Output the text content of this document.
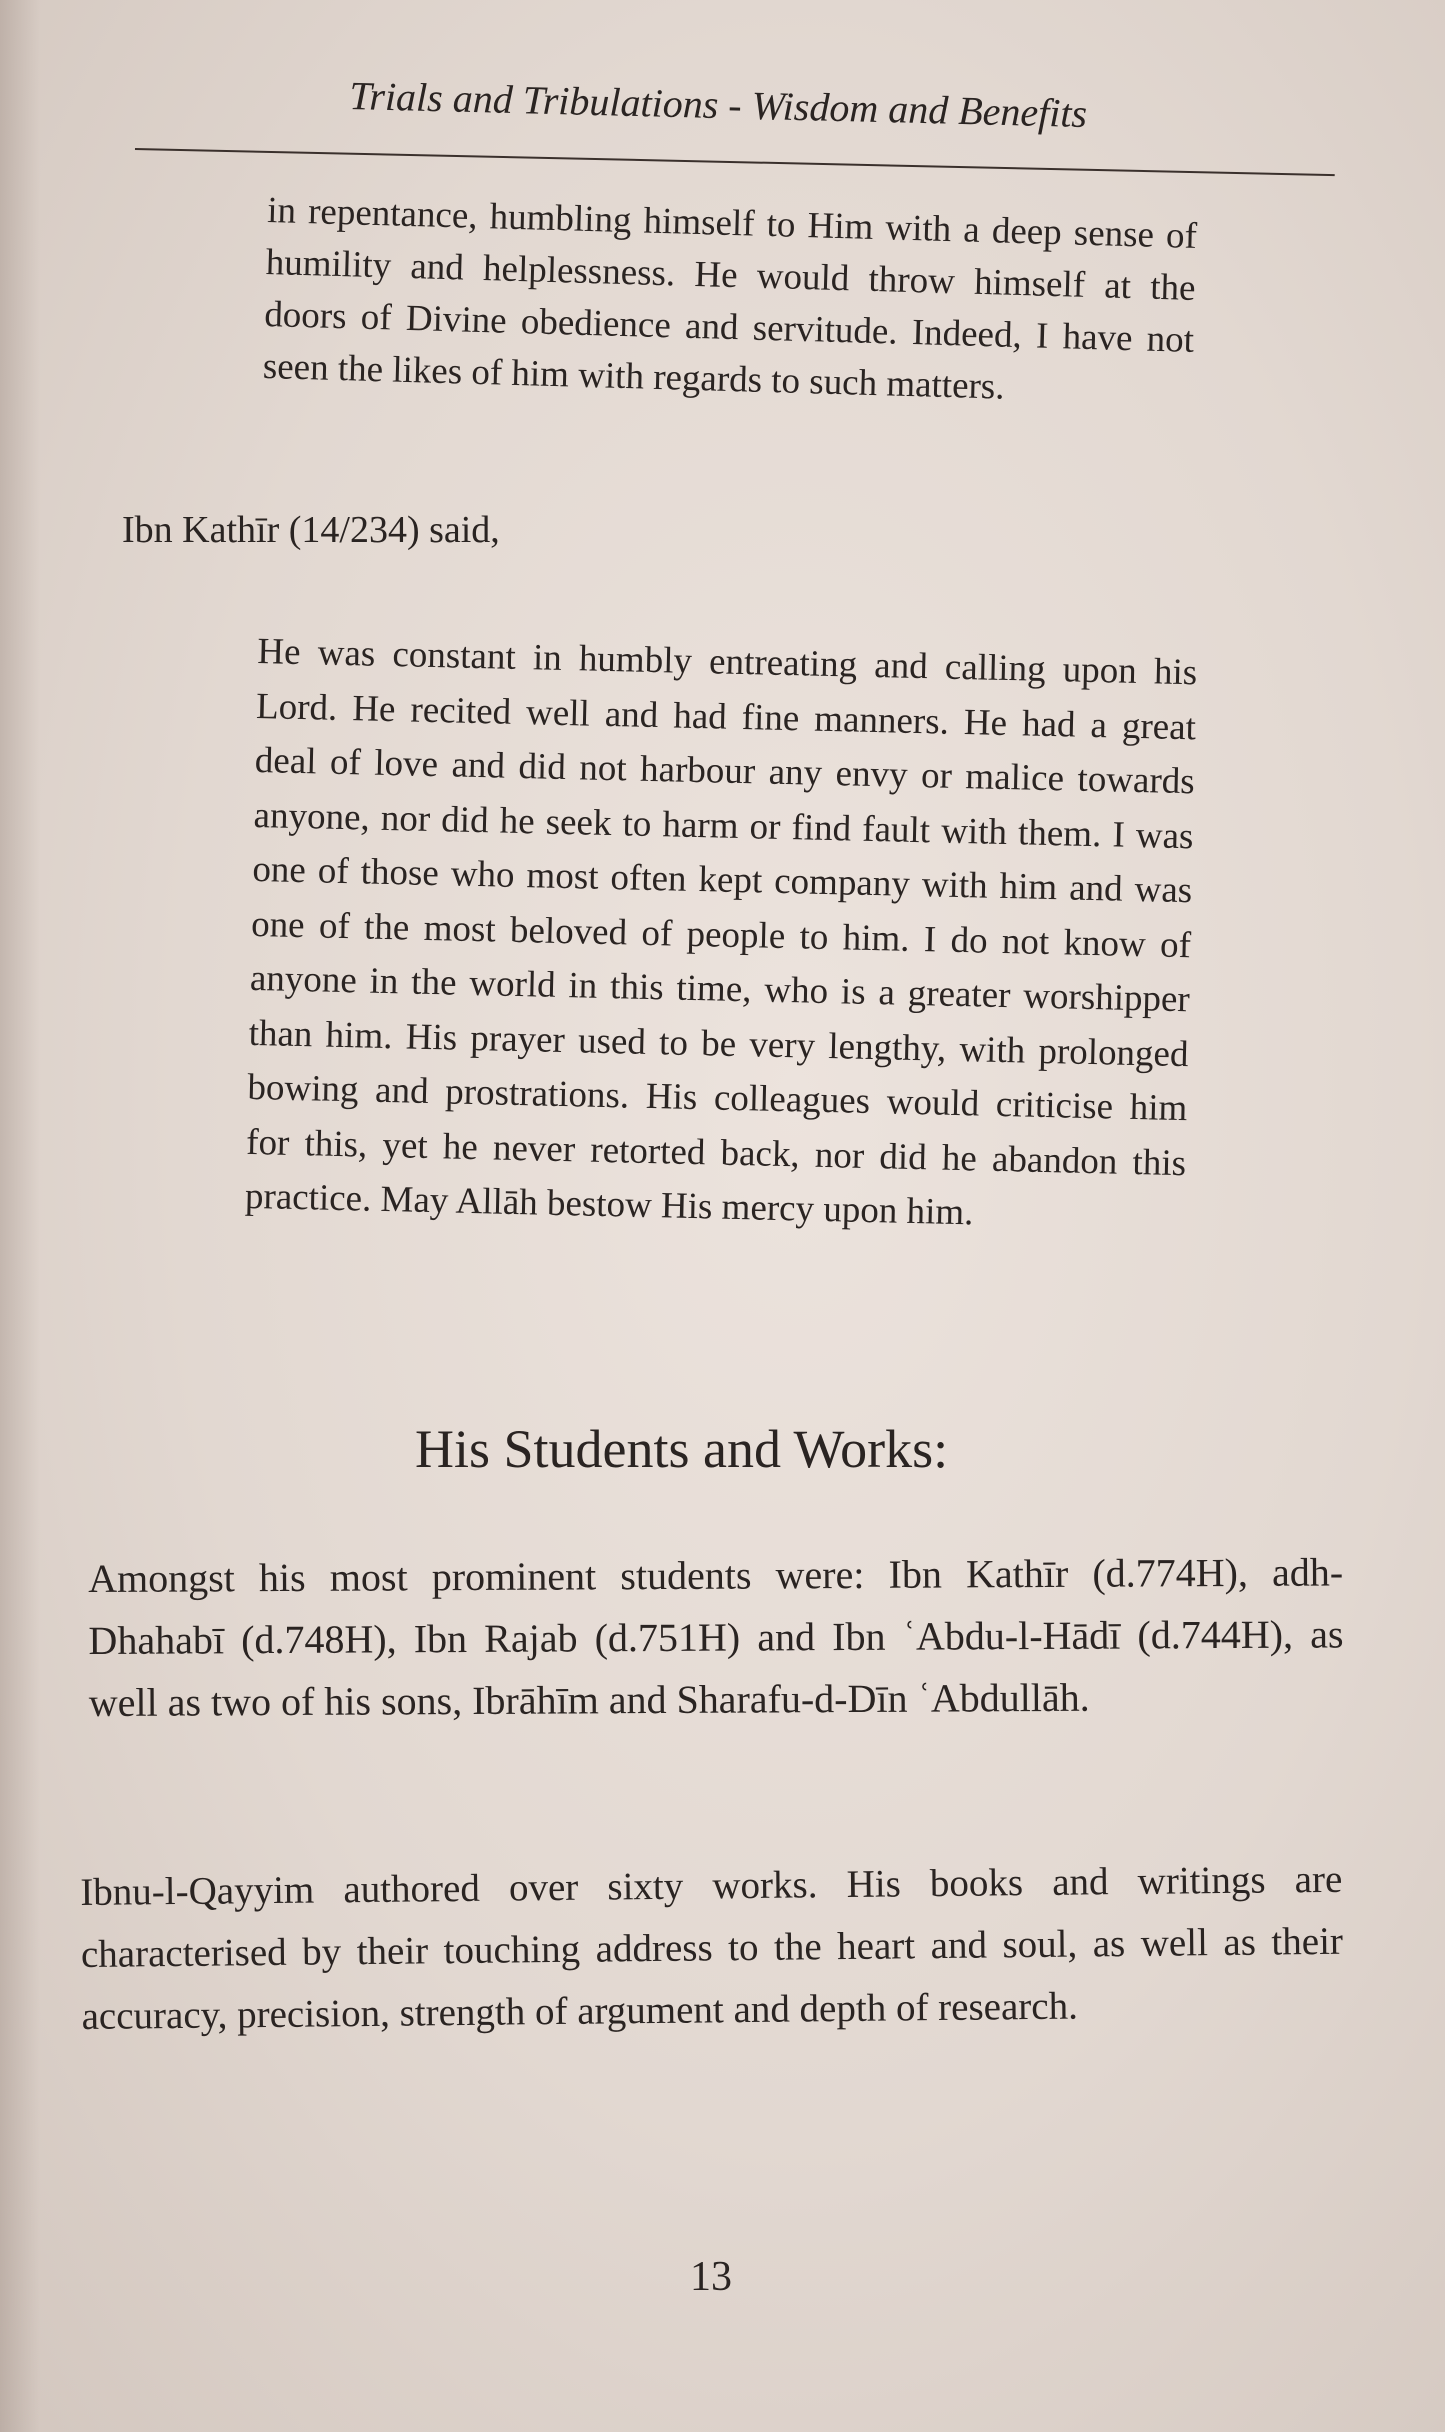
Trials and Tribulations - Wisdom and Benefits
in repentance, humbling himself to Him with a deep sense of humility and helplessness. He would throw himself at the doors of Divine obedience and servitude. Indeed, I have not seen the likes of him with regards to such matters.
Ibn Kathīr (14/234) said,
He was constant in humbly entreating and calling upon his Lord. He recited well and had fine manners. He had a great deal of love and did not harbour any envy or malice towards anyone, nor did he seek to harm or find fault with them. I was one of those who most often kept company with him and was one of the most beloved of people to him. I do not know of anyone in the world in this time, who is a greater worshipper than him. His prayer used to be very lengthy, with prolonged bowing and prostrations. His colleagues would criticise him for this, yet he never retorted back, nor did he abandon this practice. May Allāh bestow His mercy upon him.
His Students and Works:
Amongst his most prominent students were: Ibn Kathīr (d.774H), adh-Dhahabī (d.748H), Ibn Rajab (d.751H) and Ibn ʿAbdu-l-Hādī (d.744H), as well as two of his sons, Ibrāhīm and Sharafu-d-Dīn ʿAbdullāh.
Ibnu-l-Qayyim authored over sixty works. His books and writings are characterised by their touching address to the heart and soul, as well as their accuracy, precision, strength of argument and depth of research.
13
